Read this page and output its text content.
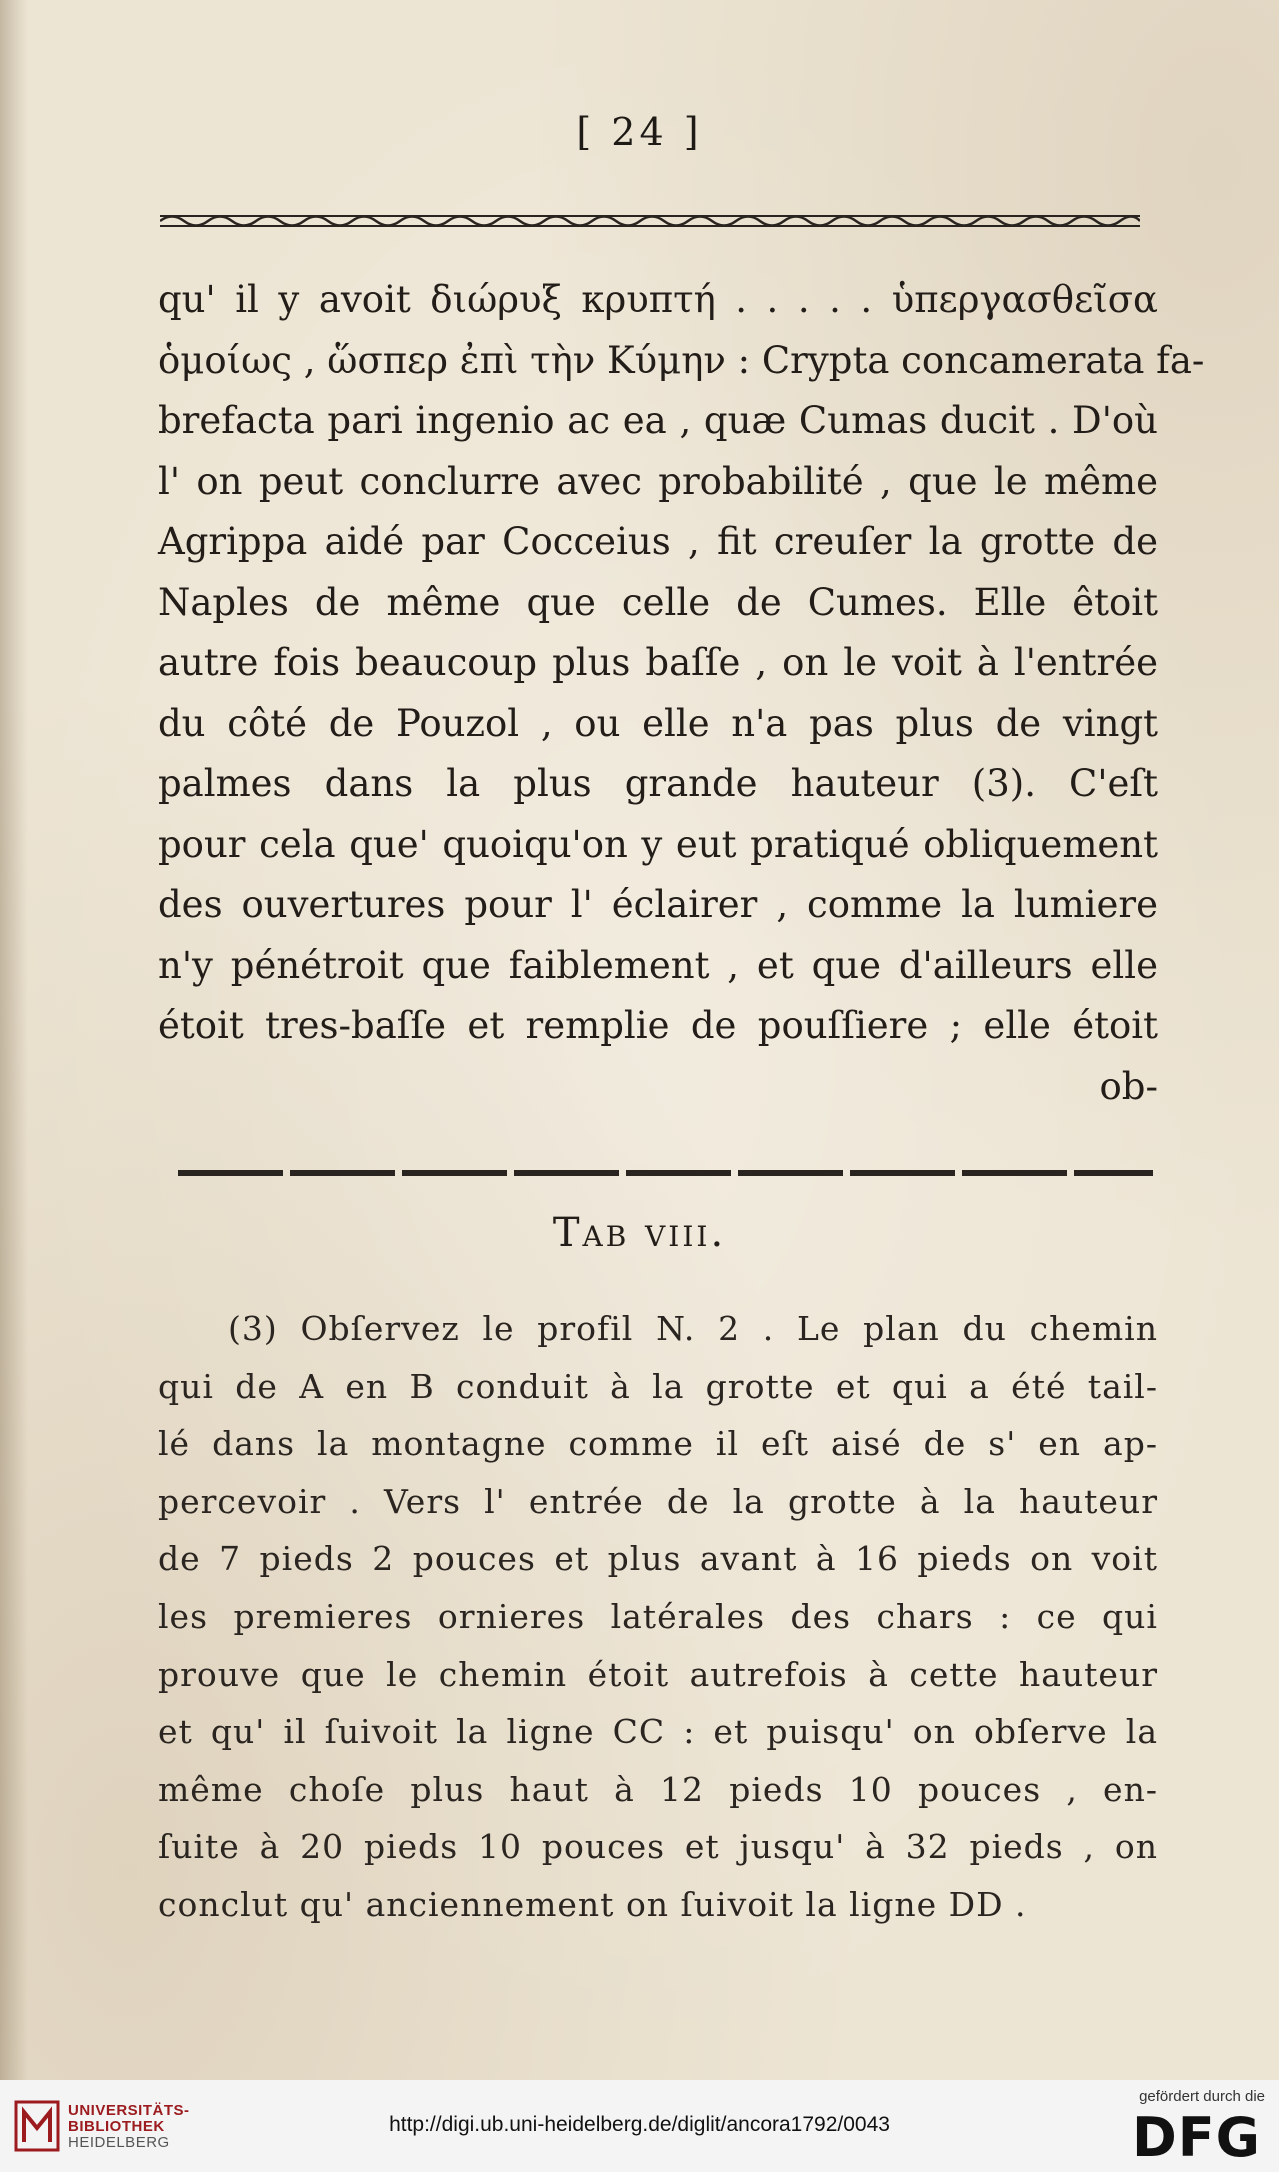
[ 24 ]
qu' il y avoit διώρυξ κρυπτή . . . . . ὑπεργασθεῖσα
ὁμοίως , ὥσπερ ἐπὶ τὴν Κύμην : Crypta concamerata fa-
brefacta pari ingenio ac ea , quæ Cumas ducit . D'où
l' on peut conclurre avec probabilité , que le même
Agrippa aidé par Cocceius , fit creuſer la grotte de
Naples de même que celle de Cumes. Elle êtoit
autre fois beaucoup plus baſſe , on le voit à l'entrée
du côté de Pouzol , ou elle n'a pas plus de vingt
palmes dans la plus grande hauteur (3). C'eſt
pour cela que' quoiqu'on y eut pratiqué obliquement
des ouvertures pour l' éclairer , comme la lumiere
n'y pénétroit que faiblement , et que d'ailleurs elle
étoit tres-baſſe et remplie de pouſſiere ; elle étoit
ob-
Tab viii.
(3) Obſervez le profil N. 2 . Le plan du chemin
qui de A en B conduit à la grotte et qui a été tail-
lé dans la montagne comme il eſt aisé de s' en ap-
percevoir . Vers l' entrée de la grotte à la hauteur
de 7 pieds 2 pouces et plus avant à 16 pieds on voit
les premieres ornieres latérales des chars : ce qui
prouve que le chemin étoit autrefois à cette hauteur
et qu' il ſuivoit la ligne CC : et puisqu' on obſerve la
même choſe plus haut à 12 pieds 10 pouces , en-
ſuite à 20 pieds 10 pouces et jusqu' à 32 pieds , on
conclut qu' anciennement on ſuivoit la ligne DD .
UNIVERSITÄTS-
BIBLIOTHEK
HEIDELBERG
http://digi.ub.uni-heidelberg.de/diglit/ancora1792/0043
gefördert durch die
DFG
